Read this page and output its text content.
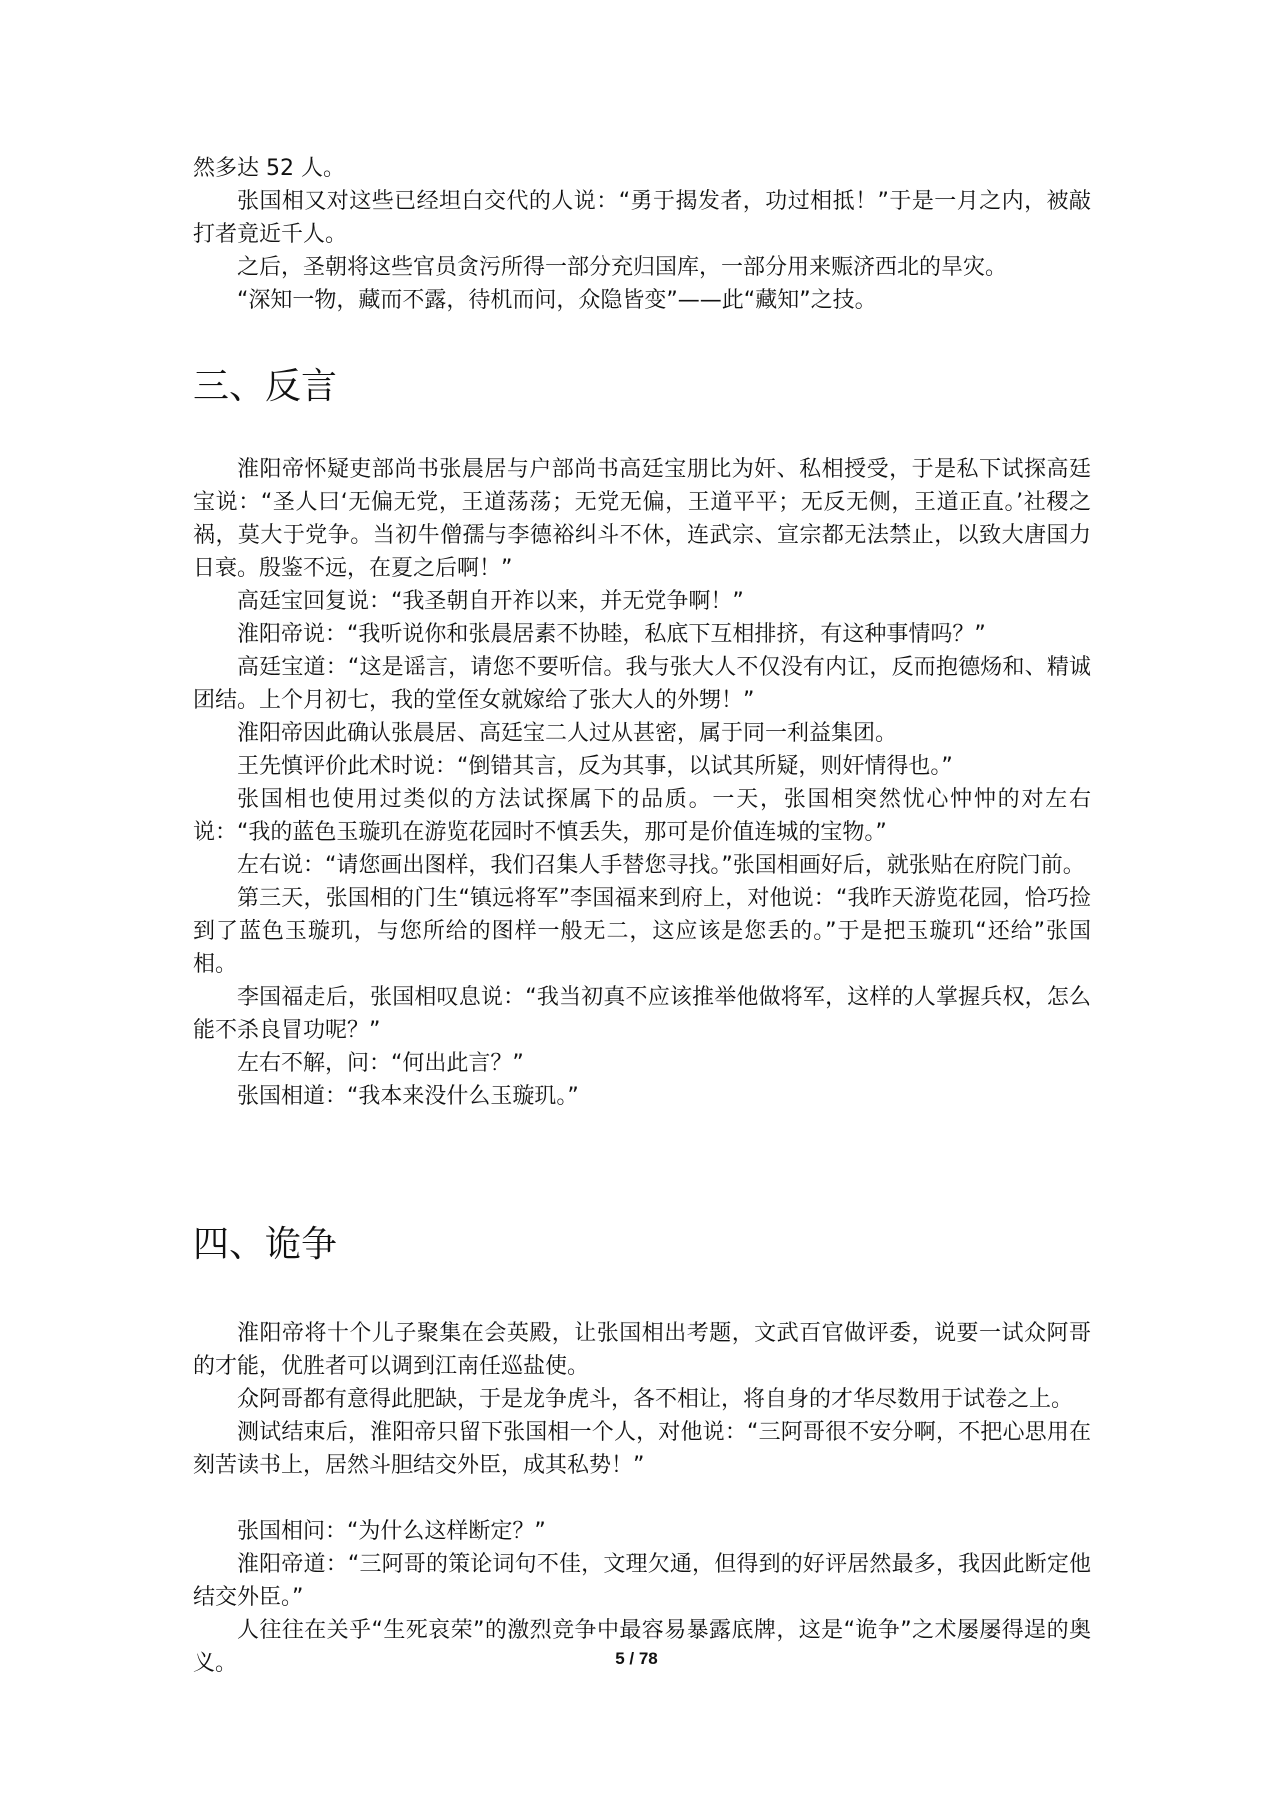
然多达 52 人。

张国相又对这些已经坦白交代的人说：“勇于揭发者，功过相抵！”于是一月之内，被敲打者竟近千人。

之后，圣朝将这些官员贪污所得一部分充归国库，一部分用来赈济西北的旱灾。

“深知一物，藏而不露，待机而问，众隐皆变”——此“藏知”之技。

三、反言

淮阳帝怀疑吏部尚书张晨居与户部尚书高廷宝朋比为奸、私相授受，于是私下试探高廷宝说：“圣人曰‘无偏无党，王道荡荡；无党无偏，王道平平；无反无侧，王道正直。’社稷之祸，莫大于党争。当初牛僧孺与李德裕纠斗不休，连武宗、宣宗都无法禁止，以致大唐国力日衰。殷鉴不远，在夏之后啊！”

高廷宝回复说：“我圣朝自开祚以来，并无党争啊！”

淮阳帝说：“我听说你和张晨居素不协睦，私底下互相排挤，有这种事情吗？”

高廷宝道：“这是谣言，请您不要听信。我与张大人不仅没有内讧，反而抱德炀和、精诚团结。上个月初七，我的堂侄女就嫁给了张大人的外甥！”

淮阳帝因此确认张晨居、高廷宝二人过从甚密，属于同一利益集团。

王先慎评价此术时说：“倒错其言，反为其事，以试其所疑，则奸情得也。”

张国相也使用过类似的方法试探属下的品质。一天，张国相突然忧心忡忡的对左右说：“我的蓝色玉璇玑在游览花园时不慎丢失，那可是价值连城的宝物。”

左右说：“请您画出图样，我们召集人手替您寻找。”张国相画好后，就张贴在府院门前。

第三天，张国相的门生“镇远将军”李国福来到府上，对他说：“我昨天游览花园，恰巧捡到了蓝色玉璇玑，与您所给的图样一般无二，这应该是您丢的。”于是把玉璇玑“还给”张国相。

李国福走后，张国相叹息说：“我当初真不应该推举他做将军，这样的人掌握兵权，怎么能不杀良冒功呢？”

左右不解，问：“何出此言？”

张国相道：“我本来没什么玉璇玑。”

四、诡争

淮阳帝将十个儿子聚集在会英殿，让张国相出考题，文武百官做评委，说要一试众阿哥的才能，优胜者可以调到江南任巡盐使。

众阿哥都有意得此肥缺，于是龙争虎斗，各不相让，将自身的才华尽数用于试卷之上。

测试结束后，淮阳帝只留下张国相一个人，对他说：“三阿哥很不安分啊，不把心思用在刻苦读书上，居然斗胆结交外臣，成其私势！”

张国相问：“为什么这样断定？”

淮阳帝道：“三阿哥的策论词句不佳，文理欠通，但得到的好评居然最多，我因此断定他结交外臣。”

人往往在关乎“生死哀荣”的激烈竞争中最容易暴露底牌，这是“诡争”之术屡屡得逞的奥义。	5 / 78
